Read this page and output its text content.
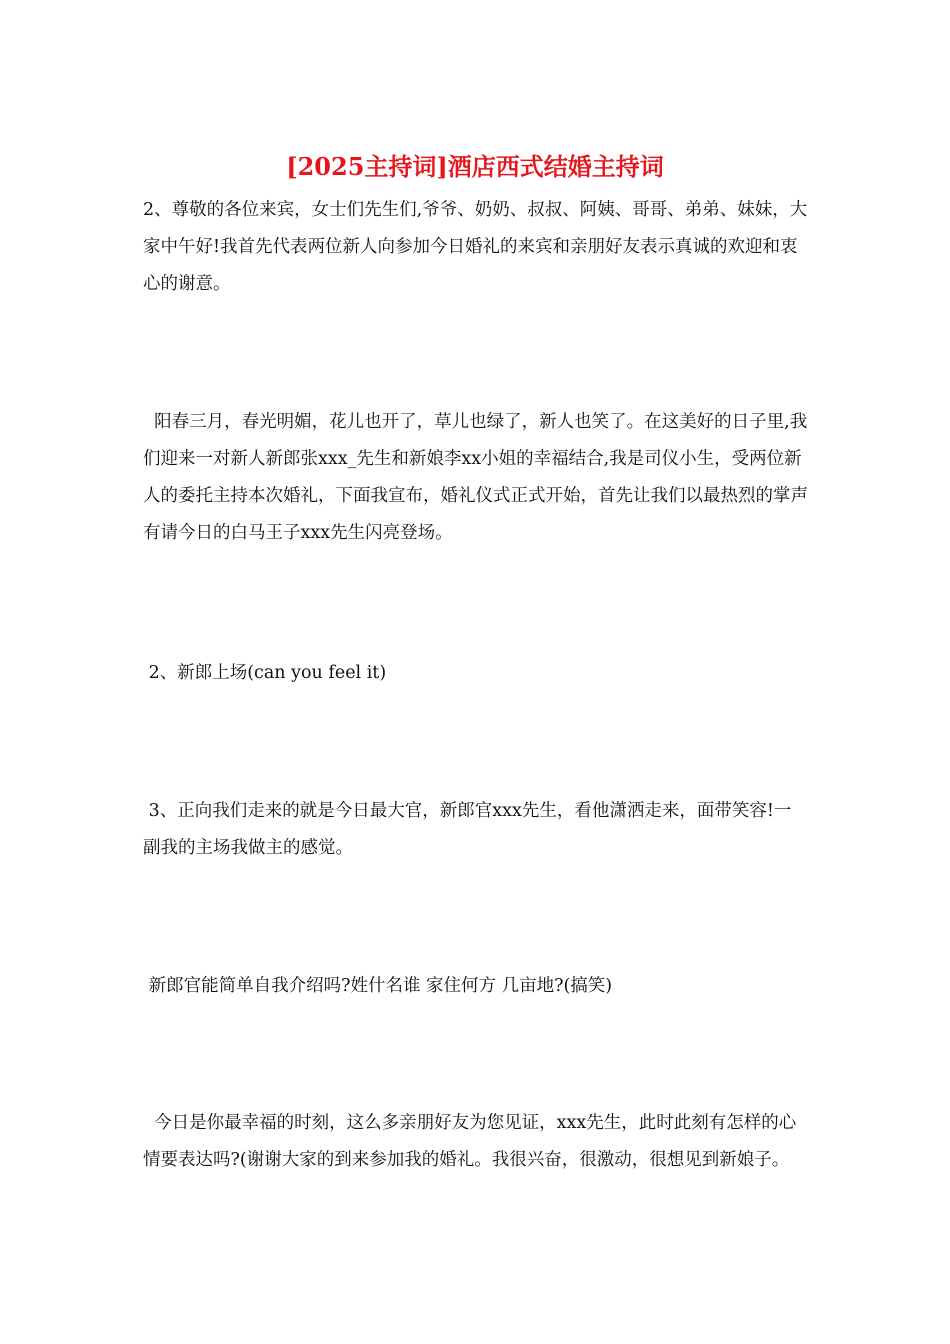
[2025主持词]酒店西式结婚主持词

2、尊敬的各位来宾，女士们先生们,爷爷、奶奶、叔叔、阿姨、哥哥、弟弟、妹妹，大家中午好!我首先代表两位新人向参加今日婚礼的来宾和亲朋好友表示真诚的欢迎和衷心的谢意。

阳春三月，春光明媚，花儿也开了，草儿也绿了，新人也笑了。在这美好的日子里,我们迎来一对新人新郎张xxx_先生和新娘李xx小姐的幸福结合,我是司仪小生，受两位新人的委托主持本次婚礼，下面我宣布，婚礼仪式正式开始，首先让我们以最热烈的掌声有请今日的白马王子xxx先生闪亮登场。

2、新郎上场(can you feel it)

3、正向我们走来的就是今日最大官，新郎官xxx先生，看他潇洒走来，面带笑容!一副我的主场我做主的感觉。

新郎官能简单自我介绍吗?姓什名谁 家住何方 几亩地?(搞笑)

今日是你最幸福的时刻，这么多亲朋好友为您见证，xxx先生，此时此刻有怎样的心情要表达吗?(谢谢大家的到来参加我的婚礼。我很兴奋，很激动，很想见到新娘子。
